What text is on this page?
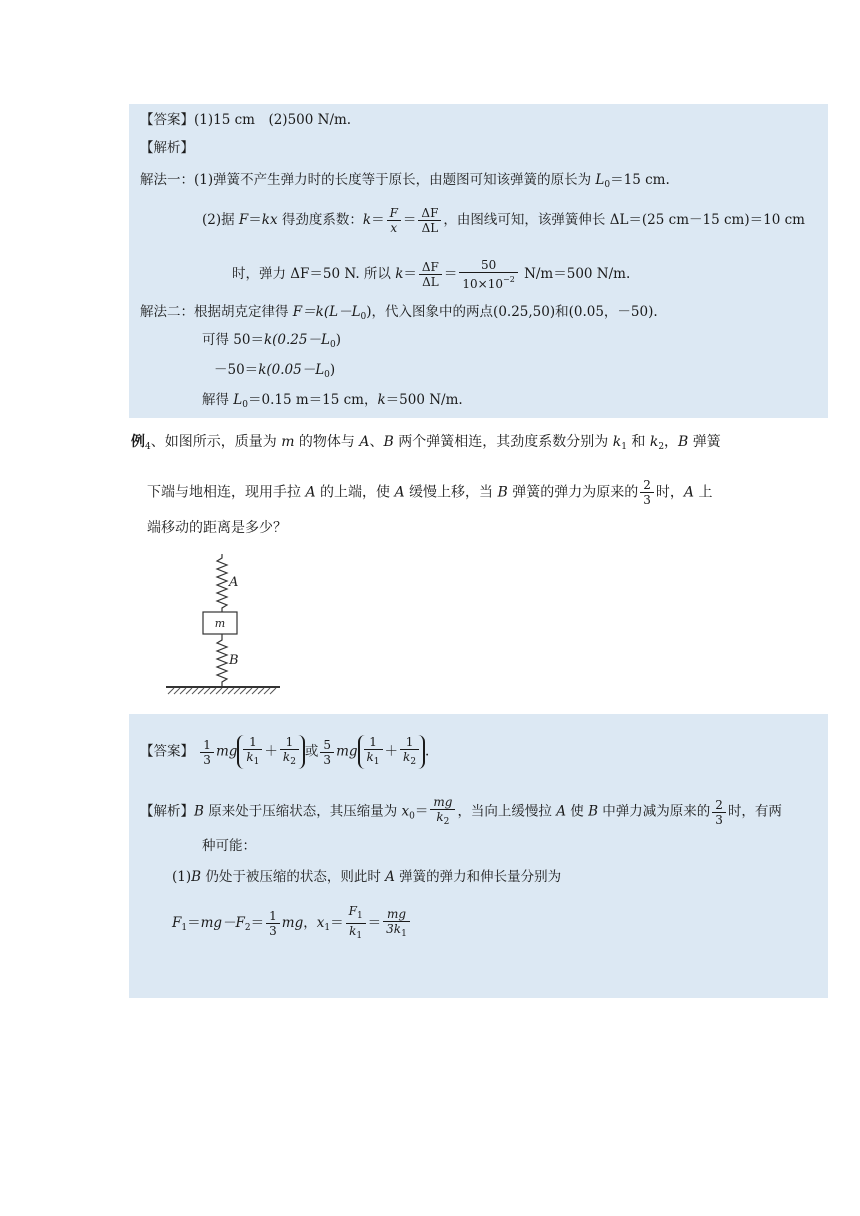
【答案】(1)15 cm　(2)500 N/m.
【解析】
解法一：(1)弹簧不产生弹力时的长度等于原长，由题图可知该弹簧的原长为 $L_0=15$ cm.
(2)据 F＝kx 得劲度系数：$k= \frac{F}{x} = \frac{\Delta F}{\Delta L}$ ，由图线可知，该弹簧伸长 ΔL＝(25 cm－15 cm)＝10 cm
时，弹力 ΔF＝50 N. 所以 $k= \frac{\Delta F}{\Delta L} = \frac{50}{10\times 10^{-2}} N/m=500$ N/m.
解法二：根据胡克定律得 $F=k(L-L_0)$，代入图象中的两点(0.25,50)和(0.05，－50).
可得 $50=k(0.25-L_0)$
$-50=k(0.05-L_0)$
解得 $L_0=0.15$ m＝15 cm，k＝500 N/m.
例$_4$、如图所示，质量为 m 的物体与 A、B 两个弹簧相连，其劲度系数分别为 $k_1$ 和 $k_2$，B 弹簧
下端与地相连，现用手拉 A 的上端，使 A 缓慢上移，当 B 弹簧的弹力为原来的 $\frac{2}{3}$ 时，A 上
端移动的距离是多少？
A
m
B
【答案】 $\frac{1}{3}$ mg $\frac{1}{k_1} + \frac{1}{k_2}$ 或 $\frac{5}{3}$ mg $\frac{1}{k_1} + \frac{1}{k_2}$ .
【解析】B 原来处于压缩状态，其压缩量为 $x_0= \frac{mg}{k_2}$ ，当向上缓慢拉 A 使 B 中弹力减为原来的 $\frac{2}{3}$ 时，有两
种可能：
(1)B 仍处于被压缩的状态，则此时 A 弹簧的弹力和伸长量分别为
$F_1=mg-F_2= \frac{1}{3}$ mg，$x_1= \frac{F_1}{k_1} = \frac{mg}{3k_1}$
